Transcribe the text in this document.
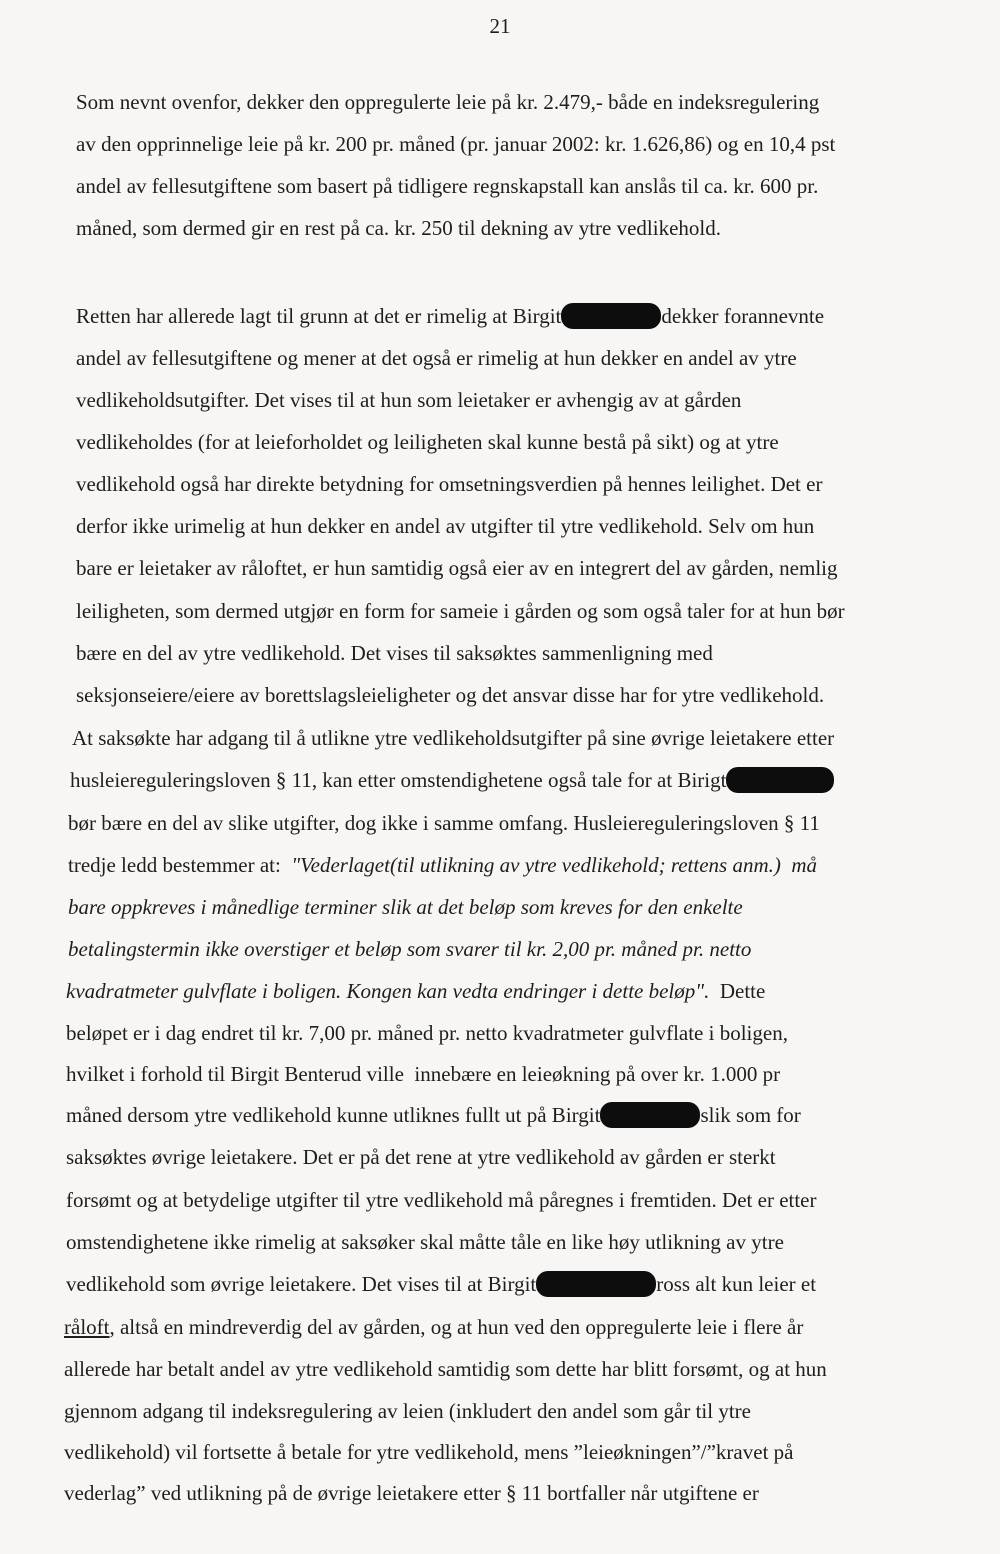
21
Som nevnt ovenfor, dekker den oppregulerte leie på kr. 2.479,- både en indeksregulering
av den opprinnelige leie på kr. 200 pr. måned (pr. januar 2002: kr. 1.626,86) og en 10,4 pst
andel av fellesutgiftene som basert på tidligere regnskapstall kan anslås til ca. kr. 600 pr.
måned, som dermed gir en rest på ca. kr. 250 til dekning av ytre vedlikehold.
Retten har allerede lagt til grunn at det er rimelig at Birgit	dekker forannevnte
andel av fellesutgiftene og mener at det også er rimelig at hun dekker en andel av ytre
vedlikeholdsutgifter. Det vises til at hun som leietaker er avhengig av at gården
vedlikeholdes (for at leieforholdet og leiligheten skal kunne bestå på sikt) og at ytre
vedlikehold også har direkte betydning for omsetningsverdien på hennes leilighet. Det er
derfor ikke urimelig at hun dekker en andel av utgifter til ytre vedlikehold. Selv om hun
bare er leietaker av råloftet, er hun samtidig også eier av en integrert del av gården, nemlig
leiligheten, som dermed utgjør en form for sameie i gården og som også taler for at hun bør
bære en del av ytre vedlikehold. Det vises til saksøktes sammenligning med
seksjonseiere/eiere av borettslagsleieligheter og det ansvar disse har for ytre vedlikehold.
At saksøkte har adgang til å utlikne ytre vedlikeholdsutgifter på sine øvrige leietakere etter
husleiereguleringsloven § 11, kan etter omstendighetene også tale for at Birigt
bør bære en del av slike utgifter, dog ikke i samme omfang. Husleiereguleringsloven § 11
tredje ledd bestemmer at:  "Vederlaget(til utlikning av ytre vedlikehold; rettens anm.)  må
bare oppkreves i månedlige terminer slik at det beløp som kreves for den enkelte
betalingstermin ikke overstiger et beløp som svarer til kr. 2,00 pr. måned pr. netto
kvadratmeter gulvflate i boligen. Kongen kan vedta endringer i dette beløp".  Dette
beløpet er i dag endret til kr. 7,00 pr. måned pr. netto kvadratmeter gulvflate i boligen,
hvilket i forhold til Birgit Benterud ville  innebære en leieøkning på over kr. 1.000 pr
måned dersom ytre vedlikehold kunne utliknes fullt ut på Birgit	slik som for
saksøktes øvrige leietakere. Det er på det rene at ytre vedlikehold av gården er sterkt
forsømt og at betydelige utgifter til ytre vedlikehold må påregnes i fremtiden. Det er etter
omstendighetene ikke rimelig at saksøker skal måtte tåle en like høy utlikning av ytre
vedlikehold som øvrige leietakere. Det vises til at Birgit	ross alt kun leier et
råloft, altså en mindreverdig del av gården, og at hun ved den oppregulerte leie i flere år
allerede har betalt andel av ytre vedlikehold samtidig som dette har blitt forsømt, og at hun
gjennom adgang til indeksregulering av leien (inkludert den andel som går til ytre
vedlikehold) vil fortsette å betale for ytre vedlikehold, mens ”leieøkningen”/”kravet på
vederlag” ved utlikning på de øvrige leietakere etter § 11 bortfaller når utgiftene er
